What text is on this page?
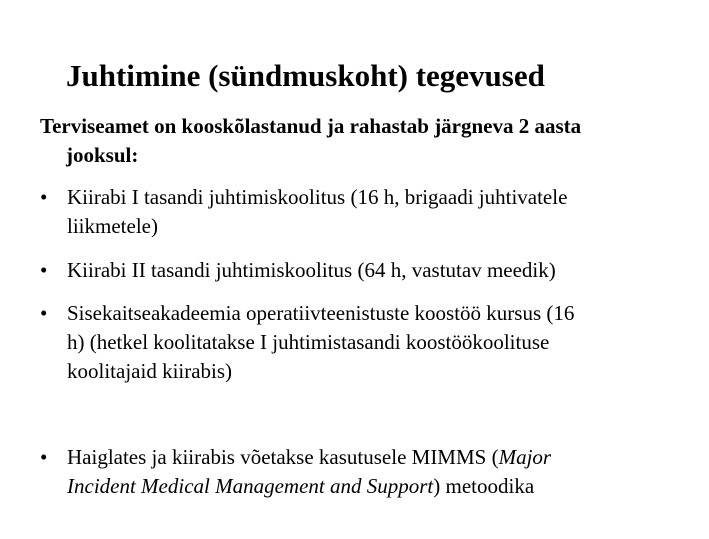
Juhtimine (sündmuskoht) tegevused
Terviseamet on kooskõlastanud ja rahastab järgneva 2 aasta
jooksul:
• Kiirabi I tasandi juhtimiskoolitus (16 h, brigaadi juhtivatele
liikmetele)
• Kiirabi II tasandi juhtimiskoolitus (64 h, vastutav meedik)
• Sisekaitseakadeemia operatiivteenistuste koostöö kursus (16
h) (hetkel koolitatakse I juhtimistasandi koostöökoolituse
koolitajaid kiirabis)
• Haiglates ja kiirabis võetakse kasutusele MIMMS (Major
Incident Medical Management and Support) metoodika
